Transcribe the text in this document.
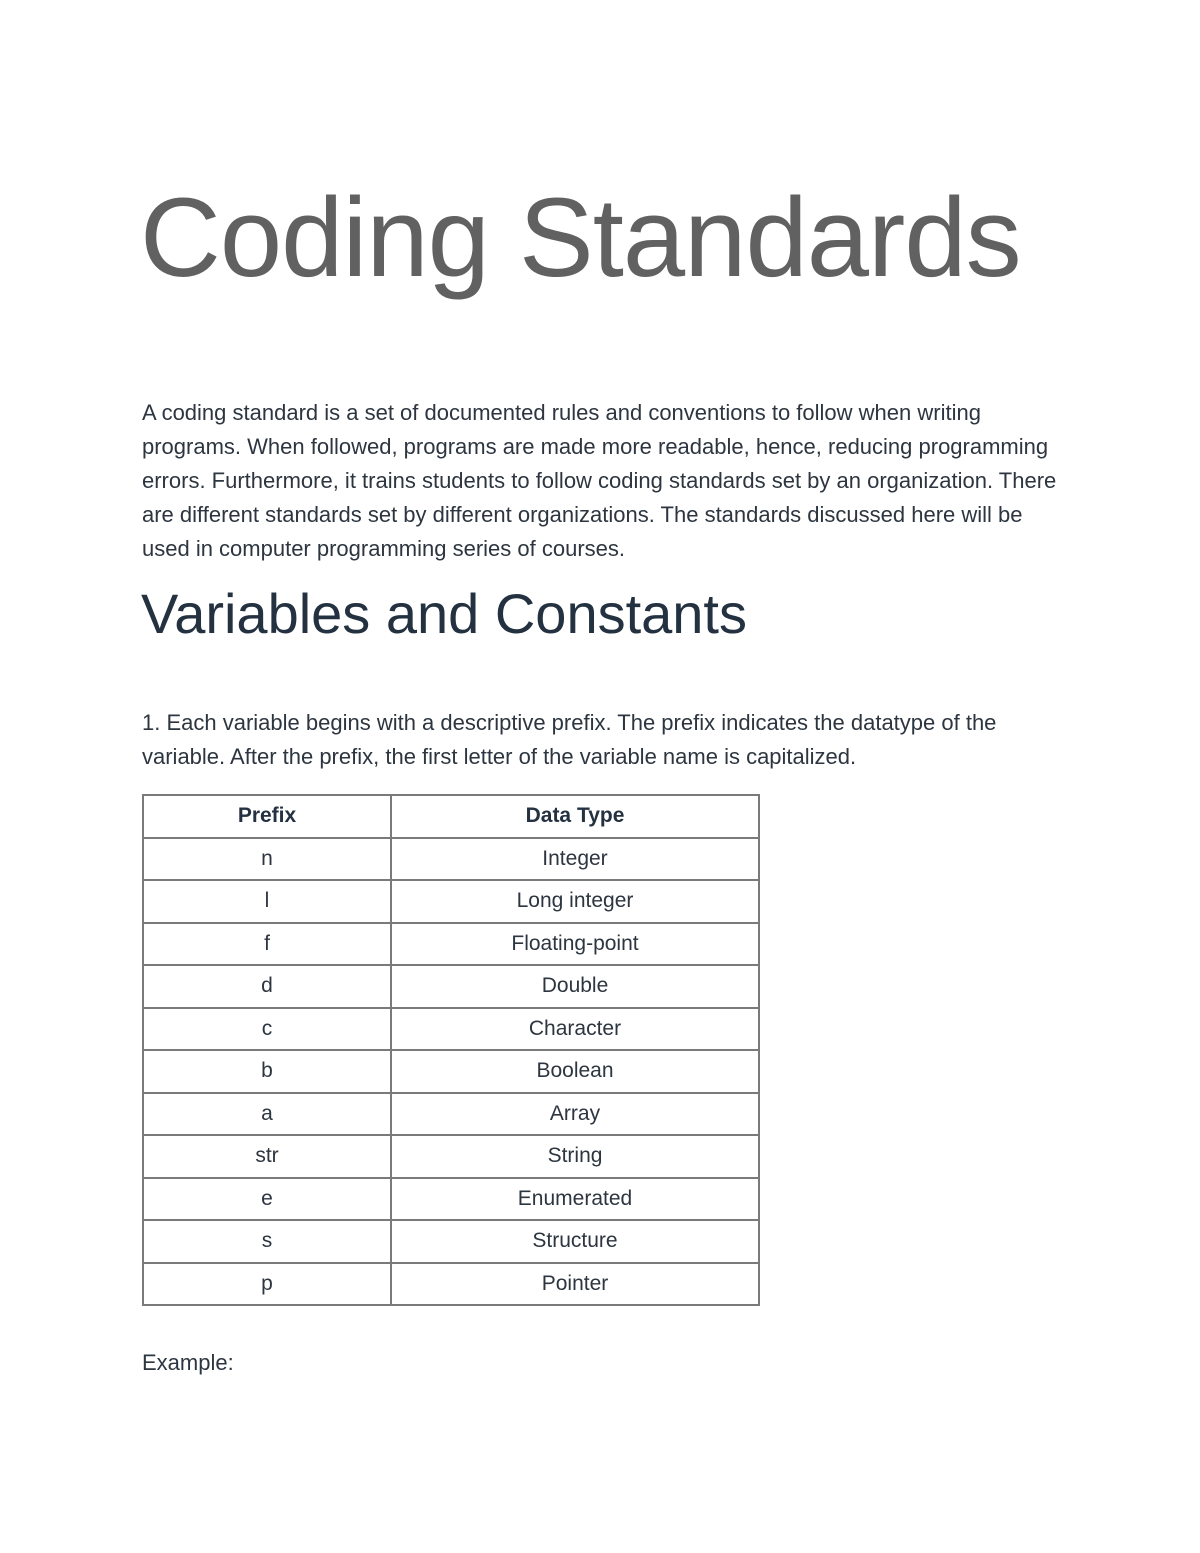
Coding Standards

A coding standard is a set of documented rules and conventions to follow when writing programs. When followed, programs are made more readable, hence, reducing programming errors. Furthermore, it trains students to follow coding standards set by an organization. There are different standards set by different organizations. The standards discussed here will be used in computer programming series of courses.

Variables and Constants

1. Each variable begins with a descriptive prefix. The prefix indicates the datatype of the variable. After the prefix, the first letter of the variable name is capitalized.

Prefix	Data Type
n	Integer
l	Long integer
f	Floating-point
d	Double
c	Character
b	Boolean
a	Array
str	String
e	Enumerated
s	Structure
p	Pointer

Example:
